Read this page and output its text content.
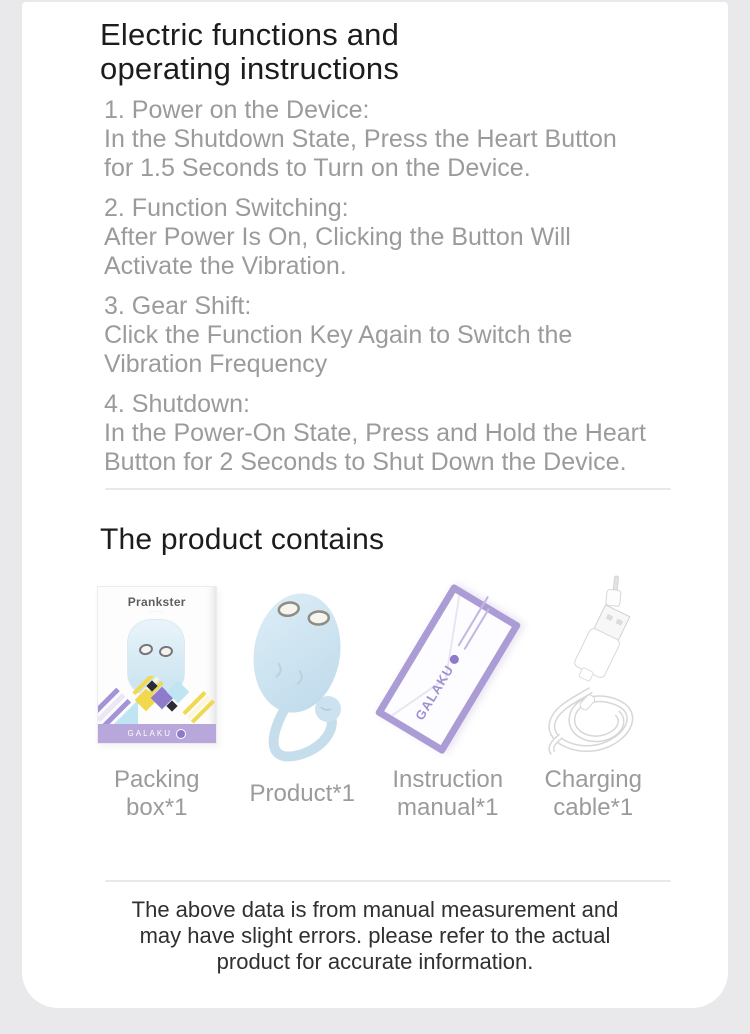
Electric functions and
operating instructions
1. Power on the Device:
In the Shutdown State, Press the Heart Button
for 1.5 Seconds to Turn on the Device.
2. Function Switching:
After Power Is On, Clicking the Button Will
Activate the Vibration.
3. Gear Shift:
Click the Function Key Again to Switch the
Vibration Frequency
4. Shutdown:
In the Power-On State, Press and Hold the Heart
Button for 2 Seconds to Shut Down the Device.
The product contains
Prankster
·····
GALAKU
Packing
box*1
Product*1
GALAKU
Instruction
manual*1
Charging
cable*1
The above data is from manual measurement and
may have slight errors. please refer to the actual
product for accurate information.
